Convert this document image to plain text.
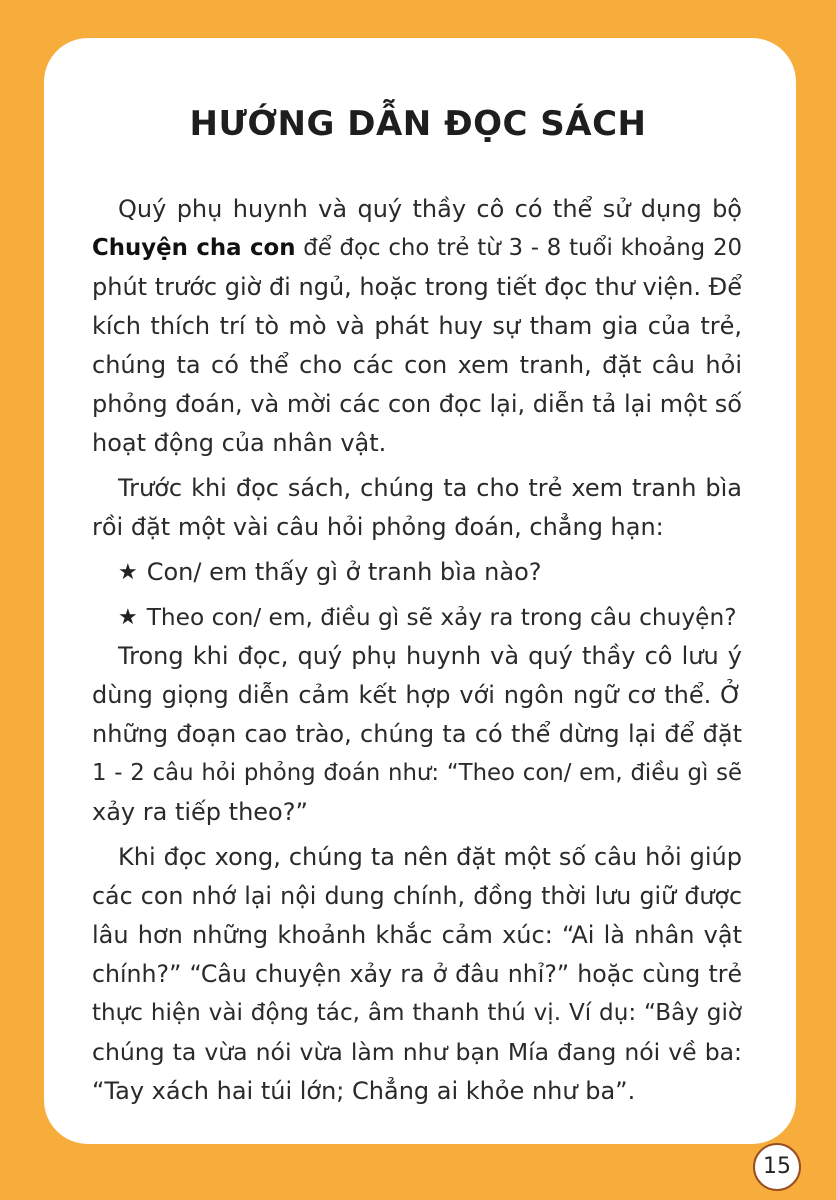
HƯỚNG DẪN ĐỌC SÁCH
Quý phụ huynh và quý thầy cô có thể sử dụng bộ
Chuyện cha con để đọc cho trẻ từ 3 - 8 tuổi khoảng 20
phút trước giờ đi ngủ, hoặc trong tiết đọc thư viện. Để
kích thích trí tò mò và phát huy sự tham gia của trẻ,
chúng ta có thể cho các con xem tranh, đặt câu hỏi
phỏng đoán, và mời các con đọc lại, diễn tả lại một số
hoạt động của nhân vật.
Trước khi đọc sách, chúng ta cho trẻ xem tranh bìa
rồi đặt một vài câu hỏi phỏng đoán, chẳng hạn:
★ Con/ em thấy gì ở tranh bìa nào?
★ Theo con/ em, điều gì sẽ xảy ra trong câu chuyện?
Trong khi đọc, quý phụ huynh và quý thầy cô lưu ý
dùng giọng diễn cảm kết hợp với ngôn ngữ cơ thể. Ở
những đoạn cao trào, chúng ta có thể dừng lại để đặt
1 - 2 câu hỏi phỏng đoán như: “Theo con/ em, điều gì sẽ
xảy ra tiếp theo?”
Khi đọc xong, chúng ta nên đặt một số câu hỏi giúp
các con nhớ lại nội dung chính, đồng thời lưu giữ được
lâu hơn những khoảnh khắc cảm xúc: “Ai là nhân vật
chính?” “Câu chuyện xảy ra ở đâu nhỉ?” hoặc cùng trẻ
thực hiện vài động tác, âm thanh thú vị. Ví dụ: “Bây giờ
chúng ta vừa nói vừa làm như bạn Mía đang nói về ba:
“Tay xách hai túi lớn; Chẳng ai khỏe như ba”.
15
